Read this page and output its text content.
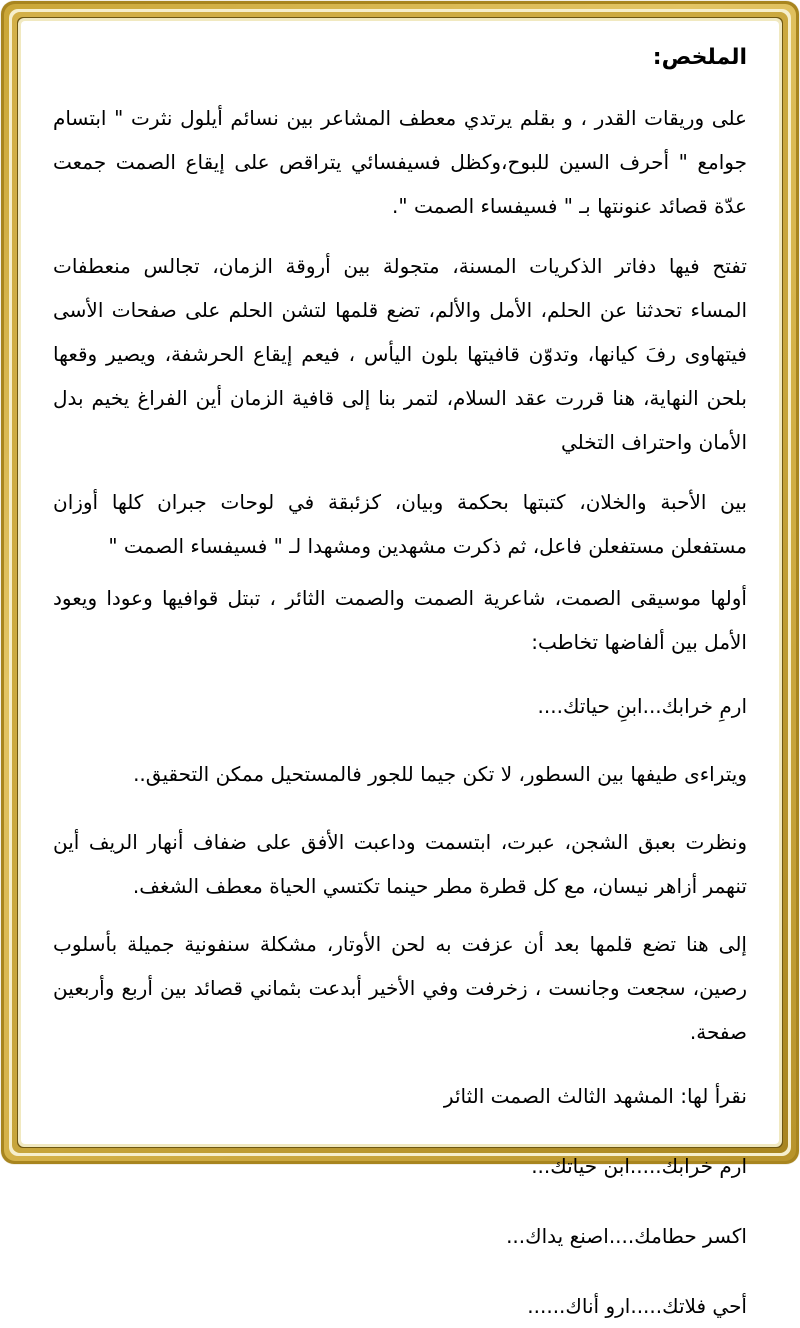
الملخص:

على وريقات القدر ، و بقلم يرتدي معطف المشاعر بين نسائم أيلول نثرت " ابتسام جوامع " أحرف السين للبوح،وكظل فسيفسائي يتراقص على إيقاع الصمت جمعت عدّة قصائد عنونتها بـ " فسيفساء الصمت ".

تفتح فيها دفاتر الذكريات المسنة، متجولة بين أروقة الزمان، تجالس منعطفات المساء تحدثنا عن الحلم، الأمل والألم، تضع قلمها لتشن الحلم على صفحات الأسى فيتهاوى رفَ كيانها، وتدوّن قافيتها بلون اليأس ، فيعم إيقاع الحرشفة، ويصير وقعها بلحن النهاية، هنا قررت عقد السلام، لتمر بنا إلى قافية الزمان أين الفراغ يخيم بدل الأمان واحتراف التخلي

بين الأحبة والخلان، كتبتها بحكمة وبيان، كزئبقة في لوحات جبران كلها أوزان مستفعلن مستفعلن فاعل، ثم ذكرت مشهدين ومشهدا لـ " فسيفساء الصمت "

أولها موسيقى الصمت، شاعرية الصمت والصمت الثائر ، تبتل قوافيها وعودا ويعود الأمل بين ألفاضها تخاطب:

ارمِ خرابك...ابنِ حياتك....

ويتراءى طيفها بين السطور، لا تكن جيما للجور فالمستحيل ممكن التحقيق..

ونظرت بعبق الشجن، عبرت، ابتسمت وداعبت الأفق على ضفاف أنهار الريف أين تنهمر أزاهر نيسان، مع كل قطرة مطر حينما تكتسي الحياة معطف الشغف.

إلى هنا تضع قلمها بعد أن عزفت به لحن الأوتار، مشكلة سنفونية جميلة بأسلوب رصين، سجعت وجانست ، زخرفت وفي الأخير أبدعت بثماني قصائد بين أربع وأربعين صفحة.

نقرأ لها: المشهد الثالث الصمت الثائر

ارم خرابك.....ابن حياتك...

اكسر حطامك....اصنع يداك...

أحي فلاتك.....ارو أناك......
